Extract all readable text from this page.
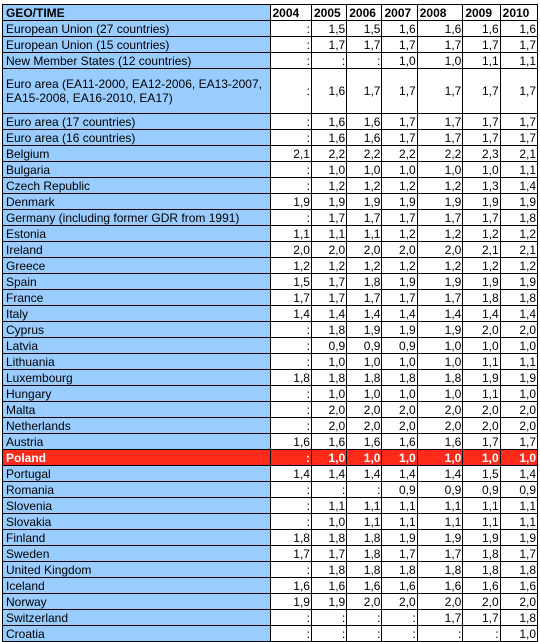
GEO/TIME	2004	2005	2006	2007	2008	2009	2010
European Union (27 countries)	:	1,5	1,5	1,6	1,6	1,6	1,6
European Union (15 countries)	:	1,7	1,7	1,7	1,7	1,7	1,7
New Member States (12 countries)	:	:	:	1,0	1,0	1,1	1,1
Euro area (EA11-2000, EA12-2006, EA13-2007, EA15-2008, EA16-2010, EA17)	:	1,6	1,7	1,7	1,7	1,7	1,7
Euro area (17 countries)	:	1,6	1,6	1,7	1,7	1,7	1,7
Euro area (16 countries)	:	1,6	1,6	1,7	1,7	1,7	1,7
Belgium	2,1	2,2	2,2	2,2	2,2	2,3	2,1
Bulgaria	:	1,0	1,0	1,0	1,0	1,0	1,1
Czech Republic	:	1,2	1,2	1,2	1,2	1,3	1,4
Denmark	1,9	1,9	1,9	1,9	1,9	1,9	1,9
Germany (including former GDR from 1991)	:	1,7	1,7	1,7	1,7	1,7	1,8
Estonia	1,1	1,1	1,1	1,2	1,2	1,2	1,2
Ireland	2,0	2,0	2,0	2,0	2,0	2,1	2,1
Greece	1,2	1,2	1,2	1,2	1,2	1,2	1,2
Spain	1,5	1,7	1,8	1,9	1,9	1,9	1,9
France	1,7	1,7	1,7	1,7	1,7	1,8	1,8
Italy	1,4	1,4	1,4	1,4	1,4	1,4	1,4
Cyprus	:	1,8	1,9	1,9	1,9	2,0	2,0
Latvia	:	0,9	0,9	0,9	1,0	1,0	1,0
Lithuania	:	1,0	1,0	1,0	1,0	1,1	1,1
Luxembourg	1,8	1,8	1,8	1,8	1,8	1,9	1,9
Hungary	:	1,0	1,0	1,0	1,0	1,1	1,0
Malta	:	2,0	2,0	2,0	2,0	2,0	2,0
Netherlands	:	2,0	2,0	2,0	2,0	2,0	2,0
Austria	1,6	1,6	1,6	1,6	1,6	1,7	1,7
Poland	:	1,0	1,0	1,0	1,0	1,0	1,0
Portugal	1,4	1,4	1,4	1,4	1,4	1,5	1,4
Romania	:	:	:	0,9	0,9	0,9	0,9
Slovenia	:	1,1	1,1	1,1	1,1	1,1	1,1
Slovakia	:	1,0	1,1	1,1	1,1	1,1	1,1
Finland	1,8	1,8	1,8	1,9	1,9	1,9	1,9
Sweden	1,7	1,7	1,8	1,7	1,7	1,8	1,7
United Kingdom	:	1,8	1,8	1,8	1,8	1,8	1,8
Iceland	1,6	1,6	1,6	1,6	1,6	1,6	1,6
Norway	1,9	1,9	2,0	2,0	2,0	2,0	2,0
Switzerland	:	:	:	:	1,7	1,7	1,8
Croatia	:	:	:	:	:	:	1,0
